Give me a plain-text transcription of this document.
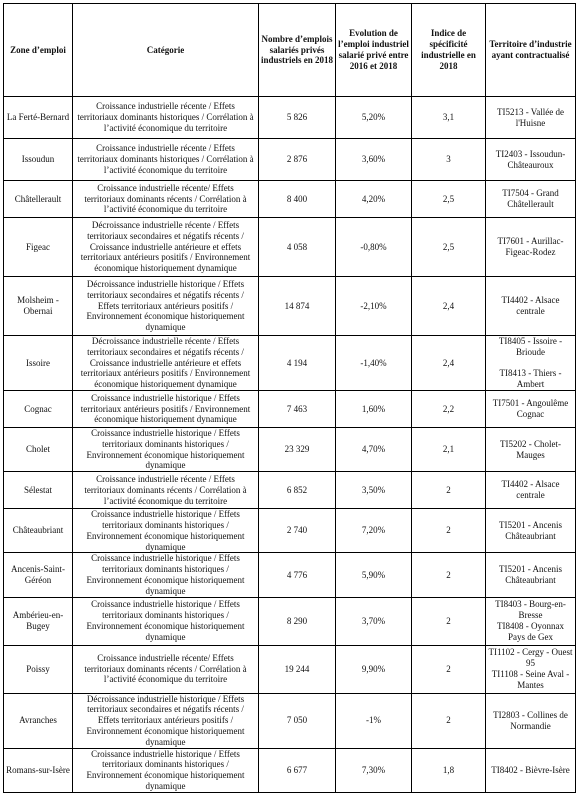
Zone d’emploi	Catégorie	Nombre d’emplois salariés privés industriels en 2018	Evolution de l’emploi industriel salarié privé entre 2016 et 2018	Indice de spécificité industrielle en 2018	Territoire d’industrie ayant contractualisé
La Ferté-Bernard	Croissance industrielle récente / Effets territoriaux dominants historiques / Corrélation à l’activité économique du territoire	5 826	5,20%	3,1	TI5213 - Vallée de l'Huisne
Issoudun	Croissance industrielle récente / Effets territoriaux dominants historiques / Corrélation à l’activité économique du territoire	2 876	3,60%	3	TI2403 - Issoudun-Châteauroux
Châtellerault	Croissance industrielle récente/ Effets territoriaux dominants récents / Corrélation à l’activité économique du territoire	8 400	4,20%	2,5	TI7504 - Grand Châtellerault
Figeac	Décroissance industrielle récente / Effets territoriaux secondaires et négatifs récents / Croissance industrielle antérieure et effets territoriaux antérieurs positifs / Environnement économique historiquement dynamique	4 058	-0,80%	2,5	TI7601 - Aurillac-Figeac-Rodez
Molsheim - Obernai	Décroissance industrielle historique / Effets territoriaux secondaires et négatifs récents / Effets territoriaux antérieurs positifs / Environnement économique historiquement dynamique	14 874	-2,10%	2,4	TI4402 - Alsace centrale
Issoire	Décroissance industrielle récente / Effets territoriaux secondaires et négatifs récents / Croissance industrielle antérieure et effets territoriaux antérieurs positifs / Environnement économique historiquement dynamique	4 194	-1,40%	2,4	TI8405 - Issoire - Brioude
TI8413 - Thiers - Ambert

Cognac	Croissance industrielle historique / Effets territoriaux antérieurs positifs / Environnement économique historiquement dynamique	7 463	1,60%	2,2	TI7501 - Angoulême Cognac
Cholet	Croissance industrielle historique / Effets territoriaux dominants historiques / Environnement économique historiquement dynamique	23 329	4,70%	2,1	TI5202 - Cholet-Mauges
Sélestat	Croissance industrielle récente / Effets territoriaux dominants récents / Corrélation à l’activité économique du territoire	6 852	3,50%	2	TI4402 - Alsace centrale
Châteaubriant	Croissance industrielle historique / Effets territoriaux dominants historiques / Environnement économique historiquement dynamique	2 740	7,20%	2	TI5201 - Ancenis Châteaubriant
Ancenis-Saint-Géréon	Croissance industrielle historique / Effets territoriaux dominants historiques / Environnement économique historiquement dynamique	4 776	5,90%	2	TI5201 - Ancenis Châteaubriant
Ambérieu-en-Bugey	Croissance industrielle historique / Effets territoriaux dominants historiques / Environnement économique historiquement dynamique	8 290	3,70%	2	TI8403 - Bourg-en-Bresse
TI8408 - Oyonnax Pays de Gex

Poissy	Croissance industrielle récente/ Effets territoriaux dominants récents / Corrélation à l’activité économique du territoire	19 244	9,90%	2	TI1102 - Cergy - Ouest 95
TI1108 - Seine Aval - Mantes

Avranches	Décroissance industrielle historique / Effets territoriaux secondaires et négatifs récents / Effets territoriaux antérieurs positifs / Environnement économique historiquement dynamique	7 050	-1%	2	TI2803 - Collines de Normandie
Romans-sur-Isère	Croissance industrielle historique / Effets territoriaux dominants historiques / Environnement économique historiquement dynamique	6 677	7,30%	1,8	TI8402 - Bièvre-Isère
